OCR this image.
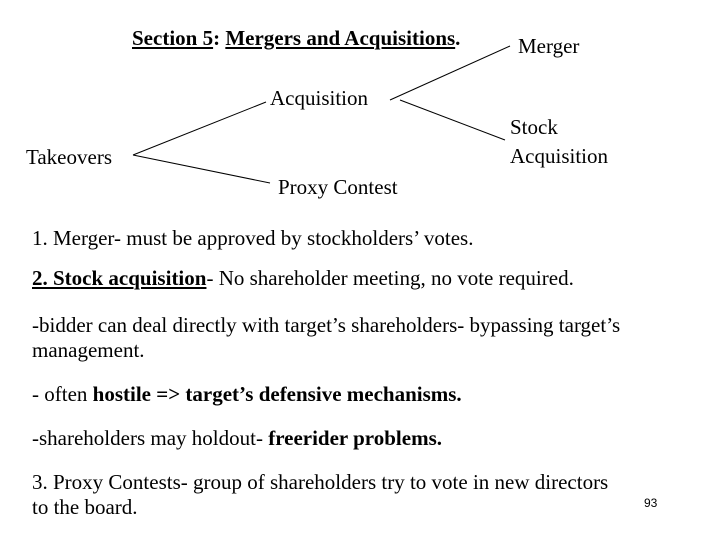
Section 5: Mergers and Acquisitions.	Merger
Acquisition
Takeovers
Proxy Contest
Stock
Acquisition
1. Merger- must be approved by stockholders’ votes.
2. Stock acquisition- No shareholder meeting, no vote required.
-bidder can deal directly with target’s shareholders- bypassing target’s management.
- often hostile => target’s defensive mechanisms.
-shareholders may holdout- freerider problems.
3. Proxy Contests- group of shareholders try to vote in new directors to the board.	93
